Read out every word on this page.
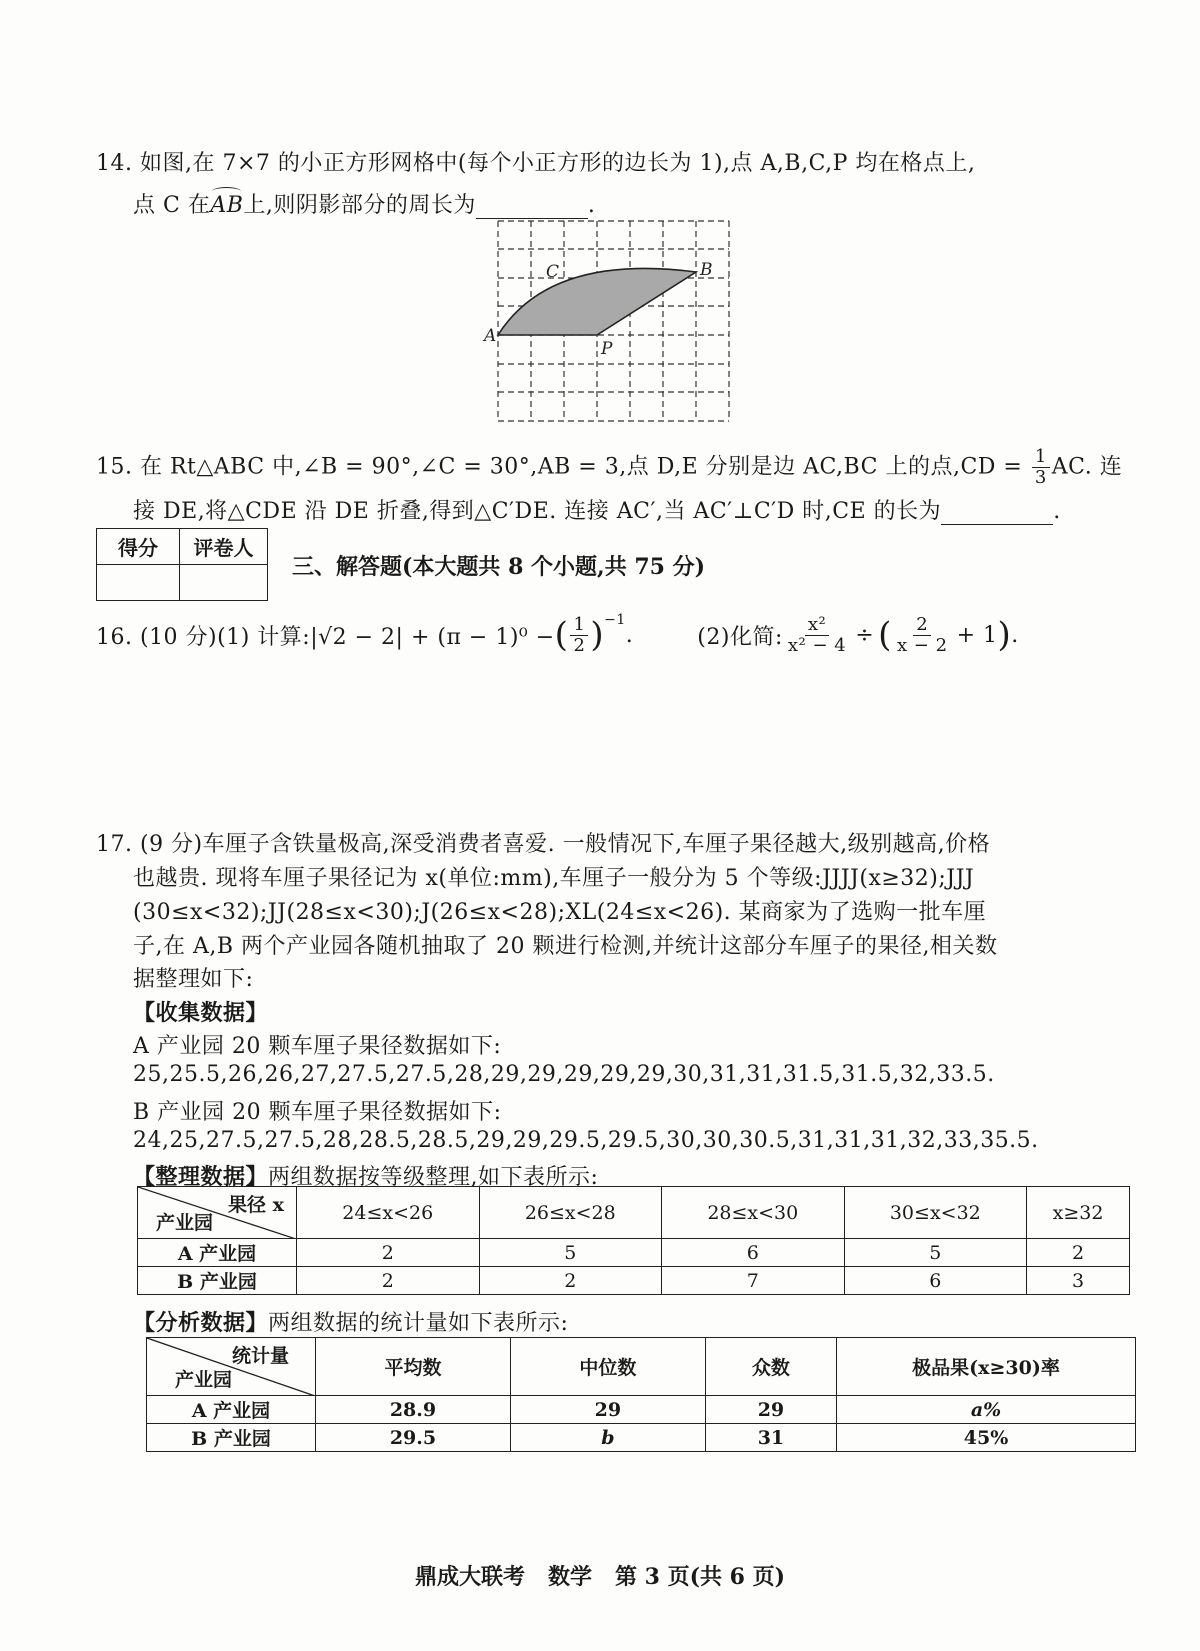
14. 如图,在 7×7 的小正方形网格中(每个小正方形的边长为 1),点 A,B,C,P 均在格点上,
点 C 在
AB上,则阴影部分的周长为	.
A
B
C
P
15. 在 Rt△ABC 中,∠B = 90°,∠C = 30°,AB = 3,点 D,E 分别是边 AC,BC 上的点$,CD = \frac{1}{3}$ AC. 连
接 DE,将△CDE 沿 DE 折叠,得到△C′DE. 连接 AC′,当 AC′⊥C′D 时,CE 的长为	.
得分	评卷人

三、解答题(本大题共 8 个小题,共 75 分)
16. (10 分)(1) 计算:|√2 − 2| + (π − 1)⁰ − ( $\frac{1}{2} )^{-1}$
.	(2)化简: $\frac{\text{x²}}{\text{x² − 4}}$ ÷ ( $\frac{2}{x - 2} + 1$ ) .
17. (9 分)车厘子含铁量极高,深受消费者喜爱. 一般情况下,车厘子果径越大,级别越高,价格
也越贵. 现将车厘子果径记为 x(单位:mm),车厘子一般分为 5 个等级:JJJJ(x≥32);JJJ
(30≤x<32);JJ(28≤x<30);J(26≤x<28);XL(24≤x<26). 某商家为了选购一批车厘
子,在 A,B 两个产业园各随机抽取了 20 颗进行检测,并统计这部分车厘子的果径,相关数
据整理如下:
【收集数据】
A 产业园 20 颗车厘子果径数据如下:
25,25.5,26,26,27,27.5,27.5,28,29,29,29,29,29,30,31,31,31.5,31.5,32,33.5.
B 产业园 20 颗车厘子果径数据如下:
24,25,27.5,27.5,28,28.5,28.5,29,29,29.5,29.5,30,30,30.5,31,31,31,32,33,35.5.
【整理数据】两组数据按等级整理,如下表所示:
果径 x
产业园	24≤x<26	26≤x<28	28≤x<30	30≤x<32	x≥32
A 产业园	2	5	6	5	2
B 产业园	2	2	7	6	3
【分析数据】两组数据的统计量如下表所示:
统计量
产业园	平均数	中位数	众数	极品果(x≥30)率
A 产业园	28.9	29	29	a%
B 产业园	29.5	b	31	45%
鼎成大联考   数学   第 3 页(共 6 页)
